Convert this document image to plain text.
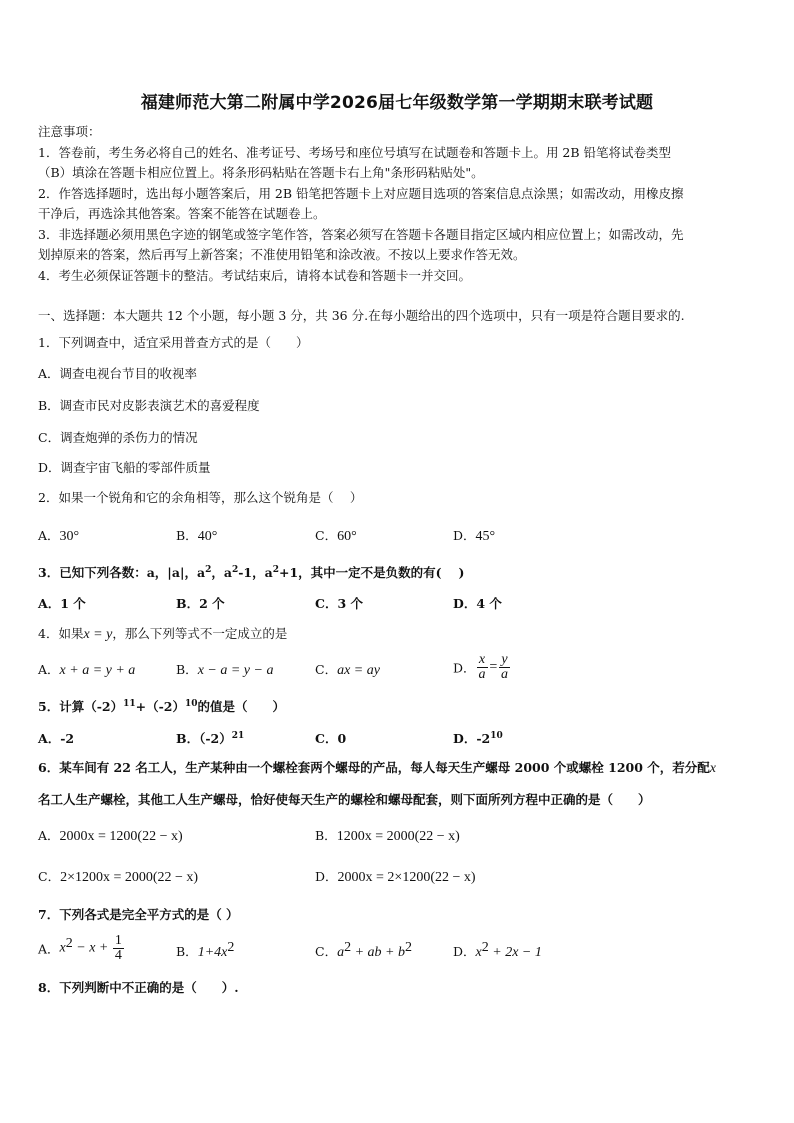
福建师范大第二附属中学2026届七年级数学第一学期期末联考试题
注意事项：
1．答卷前，考生务必将自己的姓名、准考证号、考场号和座位号填写在试题卷和答题卡上。用 2B 铅笔将试卷类型
（B）填涂在答题卡相应位置上。将条形码粘贴在答题卡右上角"条形码粘贴处"。
2．作答选择题时，选出每小题答案后，用 2B 铅笔把答题卡上对应题目选项的答案信息点涂黑；如需改动，用橡皮擦
干净后，再选涂其他答案。答案不能答在试题卷上。
3．非选择题必须用黑色字迹的钢笔或签字笔作答，答案必须写在答题卡各题目指定区域内相应位置上；如需改动，先
划掉原来的答案，然后再写上新答案；不准使用铅笔和涂改液。不按以上要求作答无效。
4．考生必须保证答题卡的整洁。考试结束后，请将本试卷和答题卡一并交回。
一、选择题：本大题共 12 个小题，每小题 3 分，共 36 分.在每小题给出的四个选项中，只有一项是符合题目要求的.
1．下列调查中，适宜采用普查方式的是（　　）
A．调查电视台节目的收视率
B．调查市民对皮影表演艺术的喜爱程度
C．调查炮弹的杀伤力的情况
D．调查宇宙飞船的零部件质量
2．如果一个锐角和它的余角相等，那么这个锐角是（　 ）
A．30°	B．40°	C．60°	D．45°
3．已知下列各数：a，|a|，$a^2$，$a^2-1$，$a^2+1$，其中一定不是负数的有(　 )
A．1 个	B．2 个	C．3 个	D．4 个
4．如果x = y，那么下列等式不一定成立的是
A．x + a = y + a	B．x − a = y − a	C．ax = ay	D． $\frac{x}{a} = \frac{y}{a}$
5．计算$(-2)^{11}+(-2)^{10}$的值是（　　）
A．-2	B．$(-2)^{21}$	C．0	D．$-2^{10}$
6．某车间有 22 名工人，生产某种由一个螺栓套两个螺母的产品，每人每天生产螺母 2000 个或螺栓 1200 个，若分配x
名工人生产螺栓，其他工人生产螺母，恰好使每天生产的螺栓和螺母配套，则下面所列方程中正确的是（　　）
A．2000x = 1200(22 − x)	B．1200x = 2000(22 − x)
C．2×1200x = 2000(22 − x)	D．2000x = 2×1200(22 − x)
7．下列各式是完全平方式的是（ ）
A．$x^2 - x + \frac{1}{4}$	B．$1+4x^2$	C．$a^2$ + ab + $b^2$	D．$x^2 + 2x - 1$
8．下列判断中不正确的是（　　）.
